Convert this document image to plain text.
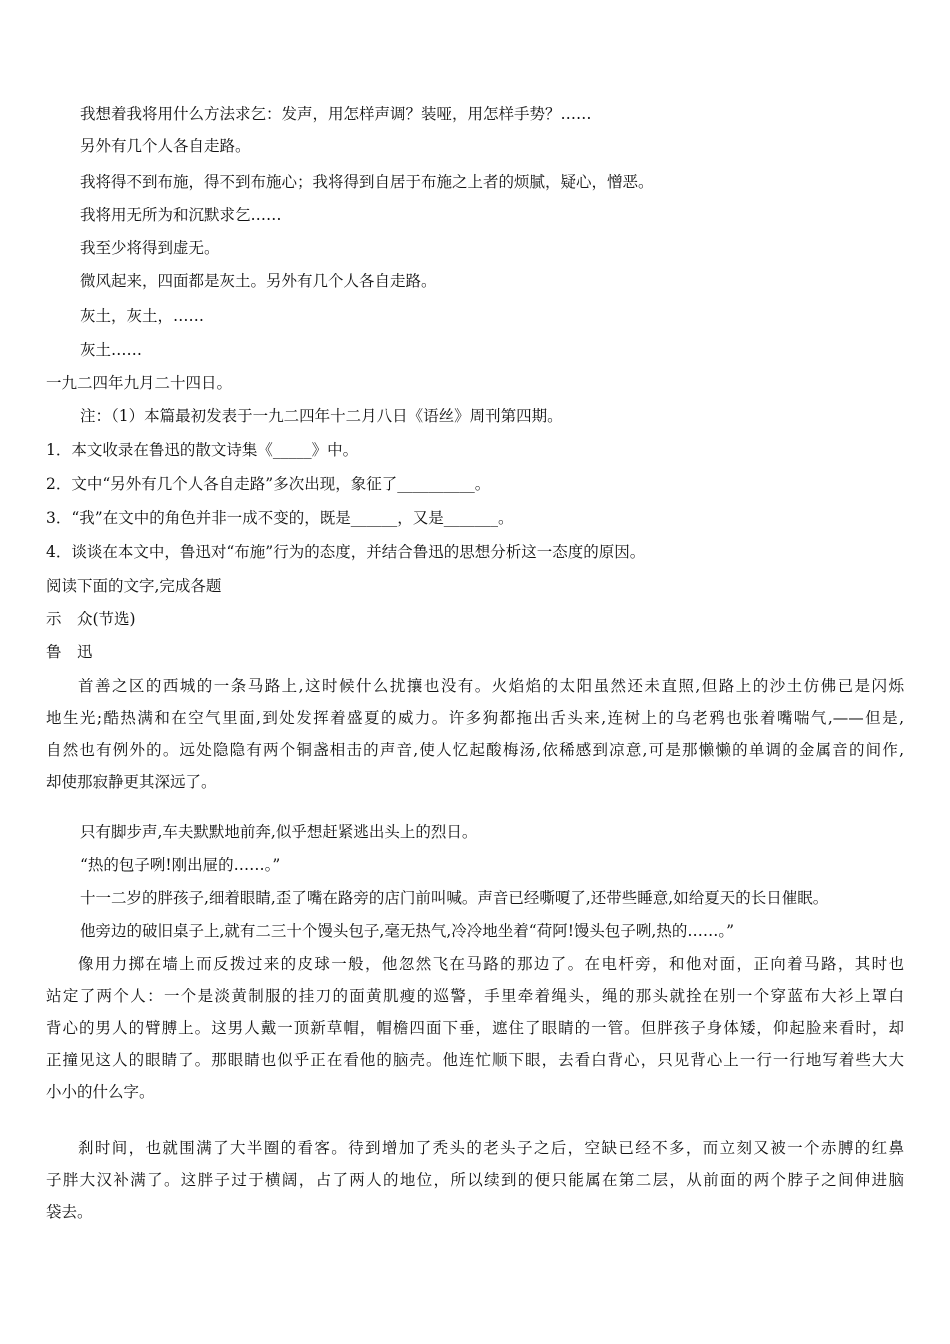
我想着我将用什么方法求乞：发声，用怎样声调？装哑，用怎样手势？……
另外有几个人各自走路。
我将得不到布施，得不到布施心；我将得到自居于布施之上者的烦腻，疑心，憎恶。
我将用无所为和沉默求乞……
我至少将得到虚无。
微风起来，四面都是灰土。另外有几个人各自走路。
灰土，灰土，……
灰土……
一九二四年九月二十四日。
注：（1）本篇最初发表于一九二四年十二月八日《语丝》周刊第四期。
1．本文收录在鲁迅的散文诗集《_____》中。
2．文中“另外有几个人各自走路”多次出现，象征了__________。
3．“我”在文中的角色并非一成不变的，既是______，又是_______。
4．谈谈在本文中，鲁迅对“布施”行为的态度，并结合鲁迅的思想分析这一态度的原因。
阅读下面的文字,完成各题
示　众(节选)
鲁　迅
首善之区的西城的一条马路上,这时候什么扰攘也没有。火焰焰的太阳虽然还未直照,但路上的沙土仿佛已是闪烁
地生光;酷热满和在空气里面,到处发挥着盛夏的威力。许多狗都拖出舌头来,连树上的乌老鸦也张着嘴喘气,——但是,
自然也有例外的。远处隐隐有两个铜盏相击的声音,使人忆起酸梅汤,依稀感到凉意,可是那懒懒的单调的金属音的间作,
却使那寂静更其深远了。
只有脚步声,车夫默默地前奔,似乎想赶紧逃出头上的烈日。
“热的包子咧!刚出屉的……。”
十一二岁的胖孩子,细着眼睛,歪了嘴在路旁的店门前叫喊。声音已经嘶嗄了,还带些睡意,如给夏天的长日催眠。
他旁边的破旧桌子上,就有二三十个馒头包子,毫无热气,冷冷地坐着“荷阿!馒头包子咧,热的……。”
像用力掷在墙上而反拨过来的皮球一般，他忽然飞在马路的那边了。在电杆旁，和他对面，正向着马路，其时也
站定了两个人：一个是淡黄制服的挂刀的面黄肌瘦的巡警，手里牵着绳头，绳的那头就拴在别一个穿蓝布大衫上罩白
背心的男人的臂膊上。这男人戴一顶新草帽，帽檐四面下垂，遮住了眼睛的一管。但胖孩子身体矮，仰起脸来看时，却
正撞见这人的眼睛了。那眼睛也似乎正在看他的脑壳。他连忙顺下眼，去看白背心，只见背心上一行一行地写着些大大
小小的什么字。
刹时间，也就围满了大半圈的看客。待到增加了秃头的老头子之后，空缺已经不多，而立刻又被一个赤膊的红鼻
子胖大汉补满了。这胖子过于横阔，占了两人的地位，所以续到的便只能属在第二层，从前面的两个脖子之间伸进脑
袋去。
